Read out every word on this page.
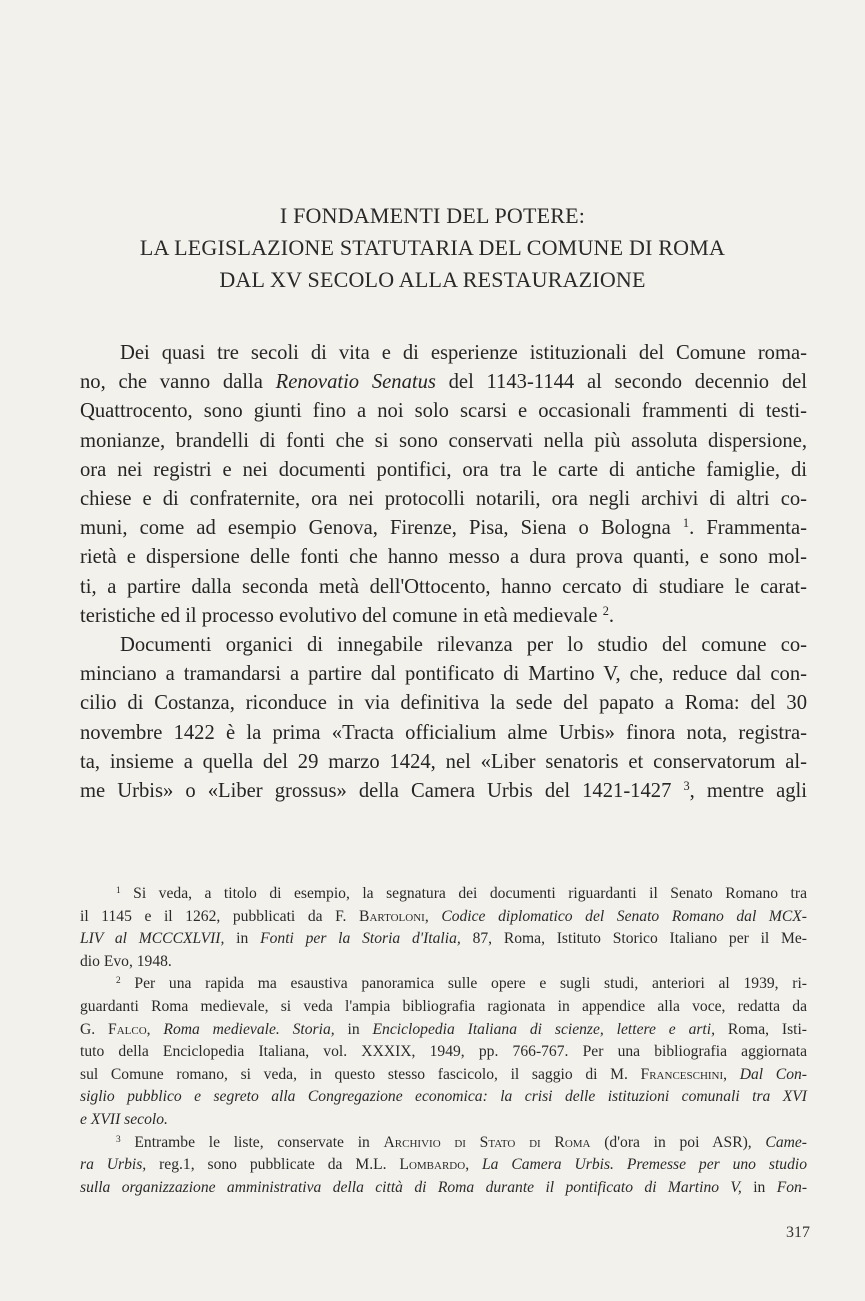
I FONDAMENTI DEL POTERE:
LA LEGISLAZIONE STATUTARIA DEL COMUNE DI ROMA
DAL XV SECOLO ALLA RESTAURAZIONE
Dei quasi tre secoli di vita e di esperienze istituzionali del Comune roma-
no, che vanno dalla Renovatio Senatus del 1143-1144 al secondo decennio del
Quattrocento, sono giunti fino a noi solo scarsi e occasionali frammenti di testi-
monianze, brandelli di fonti che si sono conservati nella più assoluta dispersione,
ora nei registri e nei documenti pontifici, ora tra le carte di antiche famiglie, di
chiese e di confraternite, ora nei protocolli notarili, ora negli archivi di altri co-
muni, come ad esempio Genova, Firenze, Pisa, Siena o Bologna $^1$. Frammenta-
rietà e dispersione delle fonti che hanno messo a dura prova quanti, e sono mol-
ti, a partire dalla seconda metà dell'Ottocento, hanno cercato di studiare le carat-
teristiche ed il processo evolutivo del comune in età medievale $^2$.
Documenti organici di innegabile rilevanza per lo studio del comune co-
minciano a tramandarsi a partire dal pontificato di Martino V, che, reduce dal con-
cilio di Costanza, riconduce in via definitiva la sede del papato a Roma: del 30
novembre 1422 è la prima «Tracta officialium alme Urbis» finora nota, registra-
ta, insieme a quella del 29 marzo 1424, nel «Liber senatoris et conservatorum al-
me Urbis» o «Liber grossus» della Camera Urbis del 1421-1427 $^3$, mentre agli
$^1$ Si veda, a titolo di esempio, la segnatura dei documenti riguardanti il Senato Romano tra
il 1145 e il 1262, pubblicati da F. Bartoloni, Codice diplomatico del Senato Romano dal MCX-
LIV al MCCCXLVII, in Fonti per la Storia d'Italia, 87, Roma, Istituto Storico Italiano per il Me-
dio Evo, 1948.
$^2$ Per una rapida ma esaustiva panoramica sulle opere e sugli studi, anteriori al 1939, ri-
guardanti Roma medievale, si veda l'ampia bibliografia ragionata in appendice alla voce, redatta da
G. Falco, Roma medievale. Storia, in Enciclopedia Italiana di scienze, lettere e arti, Roma, Isti-
tuto della Enciclopedia Italiana, vol. XXXIX, 1949, pp. 766-767. Per una bibliografia aggiornata
sul Comune romano, si veda, in questo stesso fascicolo, il saggio di M. Franceschini, Dal Con-
siglio pubblico e segreto alla Congregazione economica: la crisi delle istituzioni comunali tra XVI
e XVII secolo.
$^3$ Entrambe le liste, conservate in Archivio di Stato di Roma (d'ora in poi ASR), Came-
ra Urbis, reg.1, sono pubblicate da M.L. Lombardo, La Camera Urbis. Premesse per uno studio
sulla organizzazione amministrativa della città di Roma durante il pontificato di Martino V, in Fon-
317
